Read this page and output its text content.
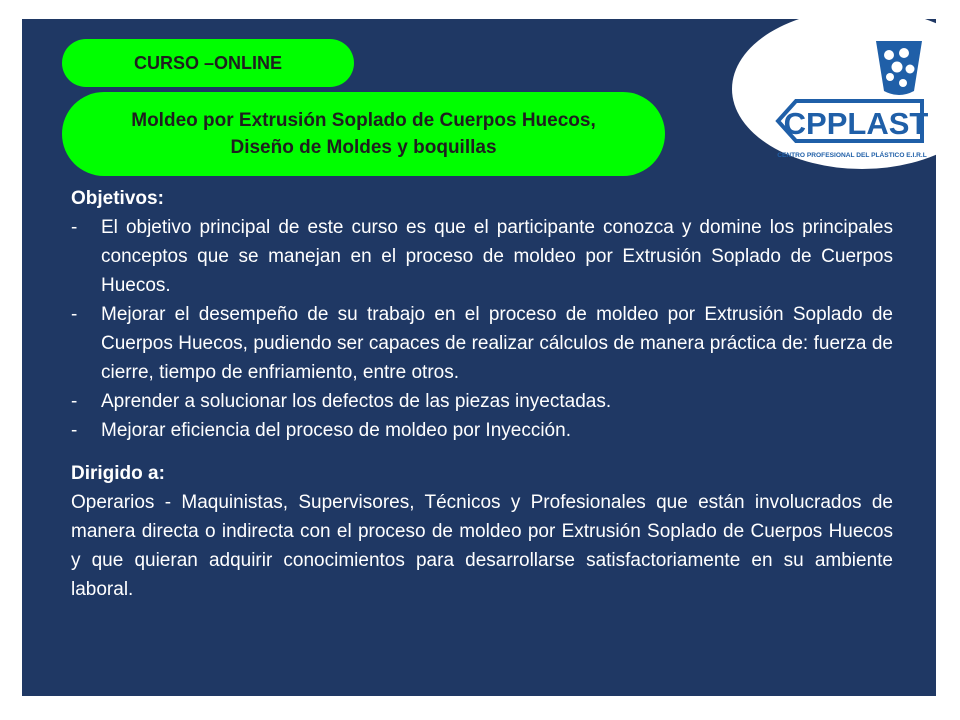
CURSO –ONLINE
Moldeo por Extrusión Soplado de Cuerpos Huecos,
Diseño de Moldes y boquillas
CPPLAST
CENTRO PROFESIONAL DEL PLÁSTICO E.I.R.L

Objetivos:

- El objetivo principal de este curso es que el participante conozca y domine los principales conceptos que se manejan en el proceso de moldeo por Extrusión Soplado de Cuerpos Huecos.
- Mejorar el desempeño de su trabajo en el proceso de moldeo por Extrusión Soplado de Cuerpos Huecos, pudiendo ser capaces de realizar cálculos de manera práctica de: fuerza de cierre, tiempo de enfriamiento, entre otros.
- Aprender a solucionar los defectos de las piezas inyectadas.
- Mejorar eficiencia del proceso de moldeo por Inyección.

Dirigido a:

Operarios - Maquinistas, Supervisores, Técnicos y Profesionales que están involucrados de manera directa o indirecta con el proceso de moldeo por Extrusión Soplado de Cuerpos Huecos y que quieran adquirir conocimientos para desarrollarse satisfactoriamente en su ambiente laboral.
